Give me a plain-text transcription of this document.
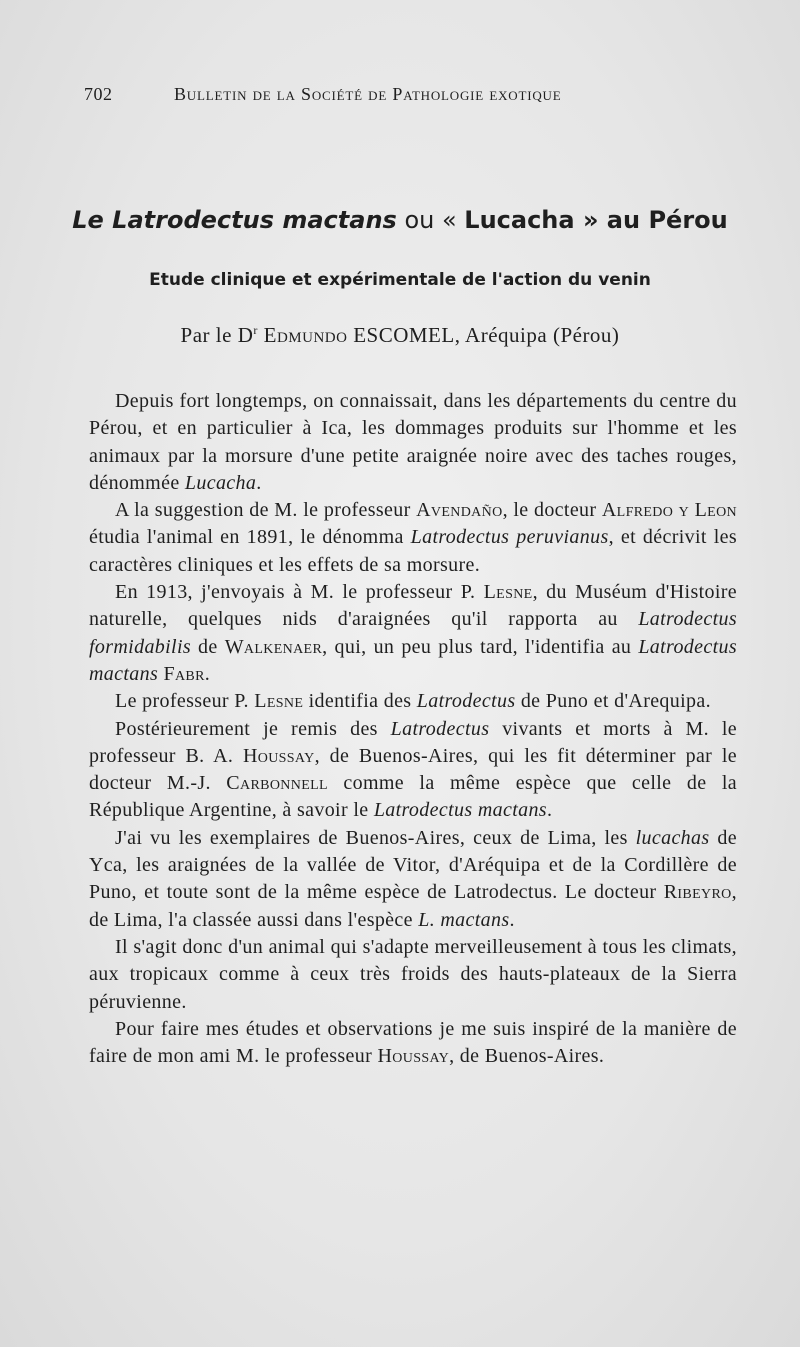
702	Bulletin de la Société de Pathologie exotique
Le Latrodectus mactans ou « Lucacha » au Pérou
Etude clinique et expérimentale de l'action du venin

Par le $D^r$ Edmundo ESCOMEL, Aréquipa (Pérou)

Depuis fort longtemps, on connaissait, dans les départements du centre du Pérou, et en particulier à Ica, les dommages produits sur l'homme et les animaux par la morsure d'une petite araignée noire avec des taches rouges, dénommée Lucacha.

A la suggestion de M. le professeur Avendaño, le docteur Alfredo y Leon étudia l'animal en 1891, le dénomma Latrodectus peruvianus, et décrivit les caractères cliniques et les effets de sa morsure.

En 1913, j'envoyais à M. le professeur P. Lesne, du Muséum d'Histoire naturelle, quelques nids d'araignées qu'il rapporta au Latrodectus formidabilis de Walkenaer, qui, un peu plus tard, l'identifia au Latrodectus mactans Fabr.

Le professeur P. Lesne identifia des Latrodectus de Puno et d'Arequipa.

Postérieurement je remis des Latrodectus vivants et morts à M. le professeur B. A. Houssay, de Buenos-Aires, qui les fit déterminer par le docteur M.-J. Carbonnell comme la même espèce que celle de la République Argentine, à savoir le Latrodectus mactans.

J'ai vu les exemplaires de Buenos-Aires, ceux de Lima, les lucachas de Yca, les araignées de la vallée de Vitor, d'Aréquipa et de la Cordillère de Puno, et toute sont de la même espèce de Latrodectus. Le docteur Ribeyro, de Lima, l'a classée aussi dans l'espèce L. mactans.

Il s'agit donc d'un animal qui s'adapte merveilleusement à tous les climats, aux tropicaux comme à ceux très froids des hauts-plateaux de la Sierra péruvienne.

Pour faire mes études et observations je me suis inspiré de la manière de faire de mon ami M. le professeur Houssay, de Buenos-Aires.
